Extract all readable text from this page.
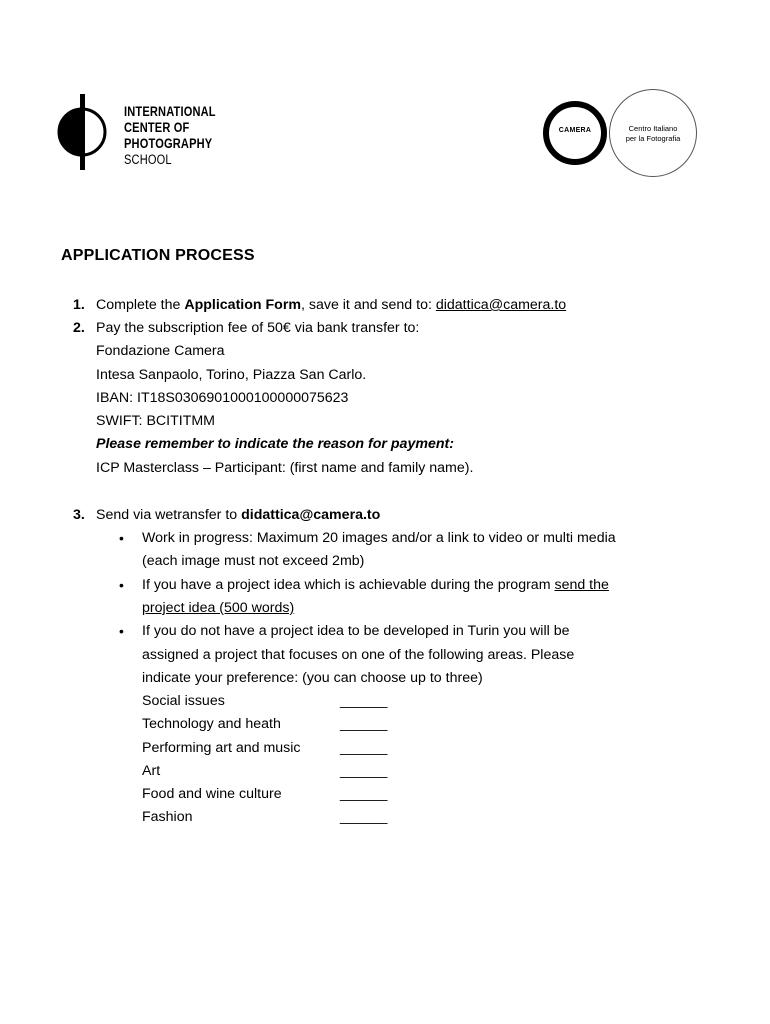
INTERNATIONAL
CENTER OF
PHOTOGRAPHY
SCHOOL
CAMERA	Centro Italiano
per la Fotografia
APPLICATION PROCESS
1. Complete the Application Form, save it and send to: didattica@camera.to
2. Pay the subscription fee of 50€ via bank transfer to:
Fondazione Camera
Intesa Sanpaolo, Torino, Piazza San Carlo.
IBAN: IT18S0306901000100000075623
SWIFT: BCITITMM
Please remember to indicate the reason for payment:
ICP Masterclass – Participant: (first name and family name).
3. Send via wetransfer to didattica@camera.to
• Work in progress: Maximum 20 images and/or a link to video or multi media
(each image must not exceed 2mb)
• If you have a project idea which is achievable during the program send the
project idea (500 words)
• If you do not have a project idea to be developed in Turin you will be
assigned a project that focuses on one of the following areas. Please
indicate your preference: (you can choose up to three)
Social issues	______
Technology and heath	______
Performing art and music	______
Art	______
Food and wine culture	______
Fashion	______
